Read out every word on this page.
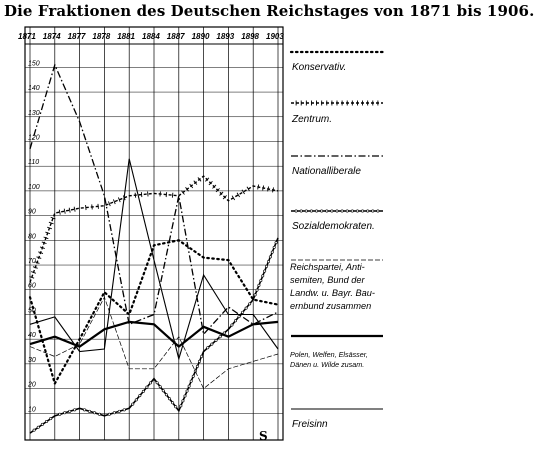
Die Fraktionen des Deutschen Reichstages von 1871 bis 1906.
1871 1874 1877 1878 1881 1884 1887 1890 1893 1898 1903
10
20
30
40
50
60
70
80
90
100
110
120
130
140
150	Konservativ.
Zentrum.
Nationalliberale
Sozialdemokraten.
Reichspartei, Anti-
semiten, Bund der
Landw. u. Bayr. Bau-
ernbund zusammen
Polen, Welfen, Elsässer,
Dänen u. Wilde zusam.
Freisinn
S
